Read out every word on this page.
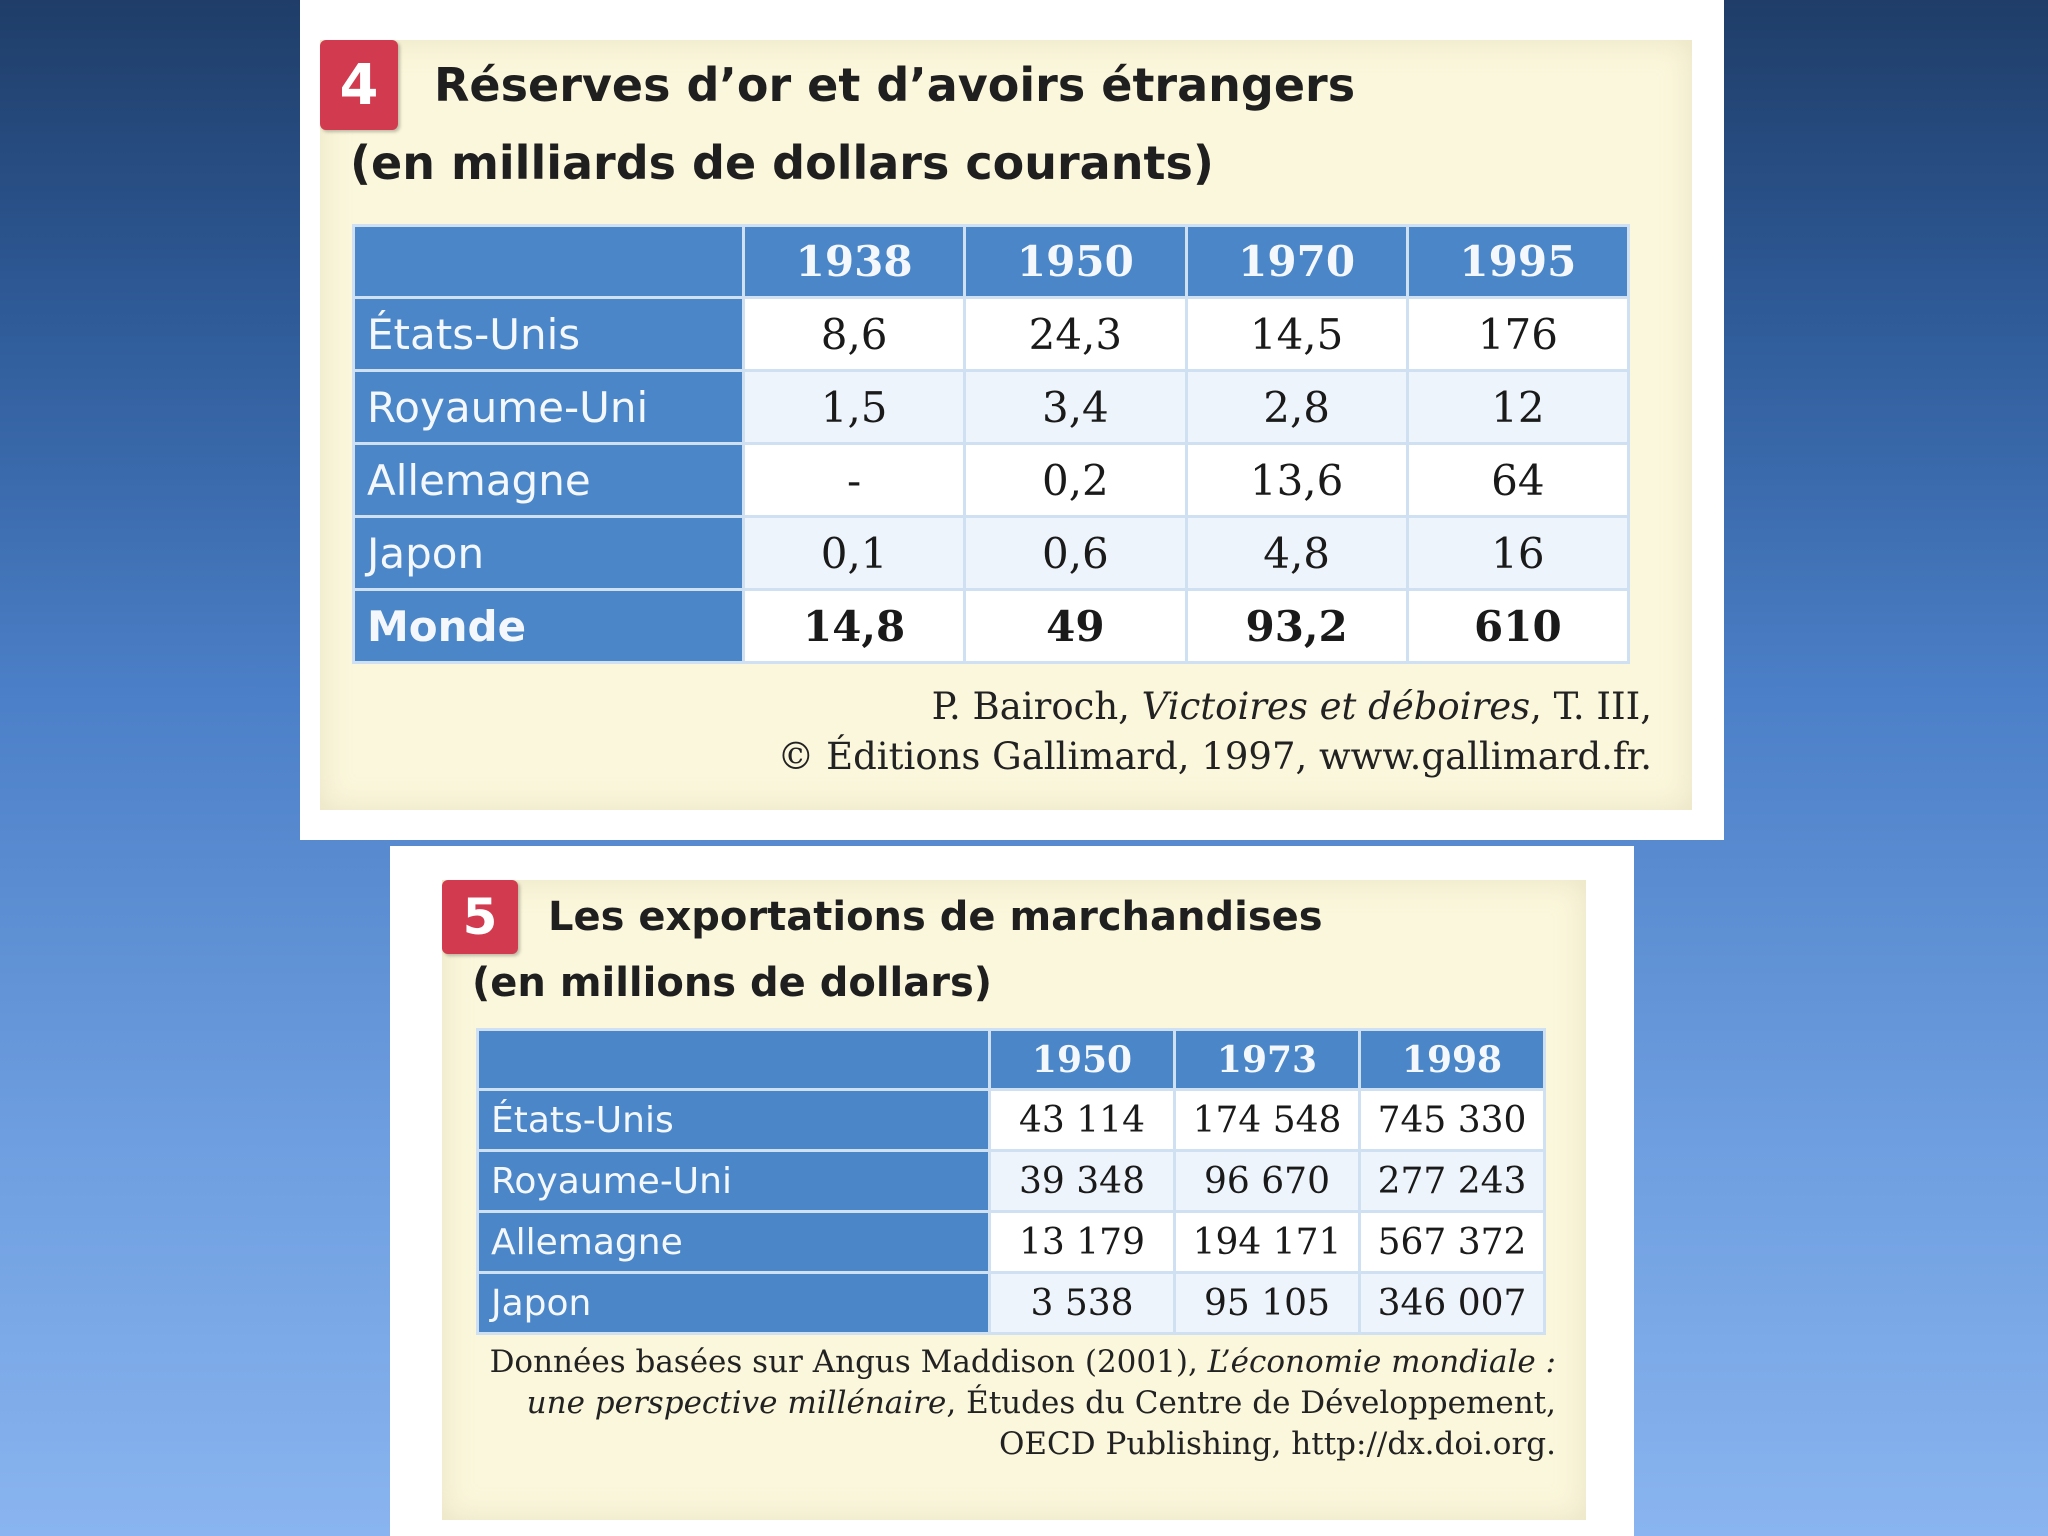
4	Réserves d’or et d’avoirs étrangers
(en milliards de dollars courants)
	1938	1950	1970	1995
États-Unis	8,6	24,3	14,5	176
Royaume-Uni	1,5	3,4	2,8	12
Allemagne	-	0,2	13,6	64
Japon	0,1	0,6	4,8	16
Monde	14,8	49	93,2	610
P. Bairoch, Victoires et déboires, T. III,
© Éditions Gallimard, 1997, www.gallimard.fr.
5	Les exportations de marchandises
(en millions de dollars)
	1950	1973	1998
États-Unis	43 114	174 548	745 330
Royaume-Uni	39 348	96 670	277 243
Allemagne	13 179	194 171	567 372
Japon	3 538	95 105	346 007
Données basées sur Angus Maddison (2001), L’économie mondiale :
une perspective millénaire, Études du Centre de Développement,
OECD Publishing, http://dx.doi.org.
